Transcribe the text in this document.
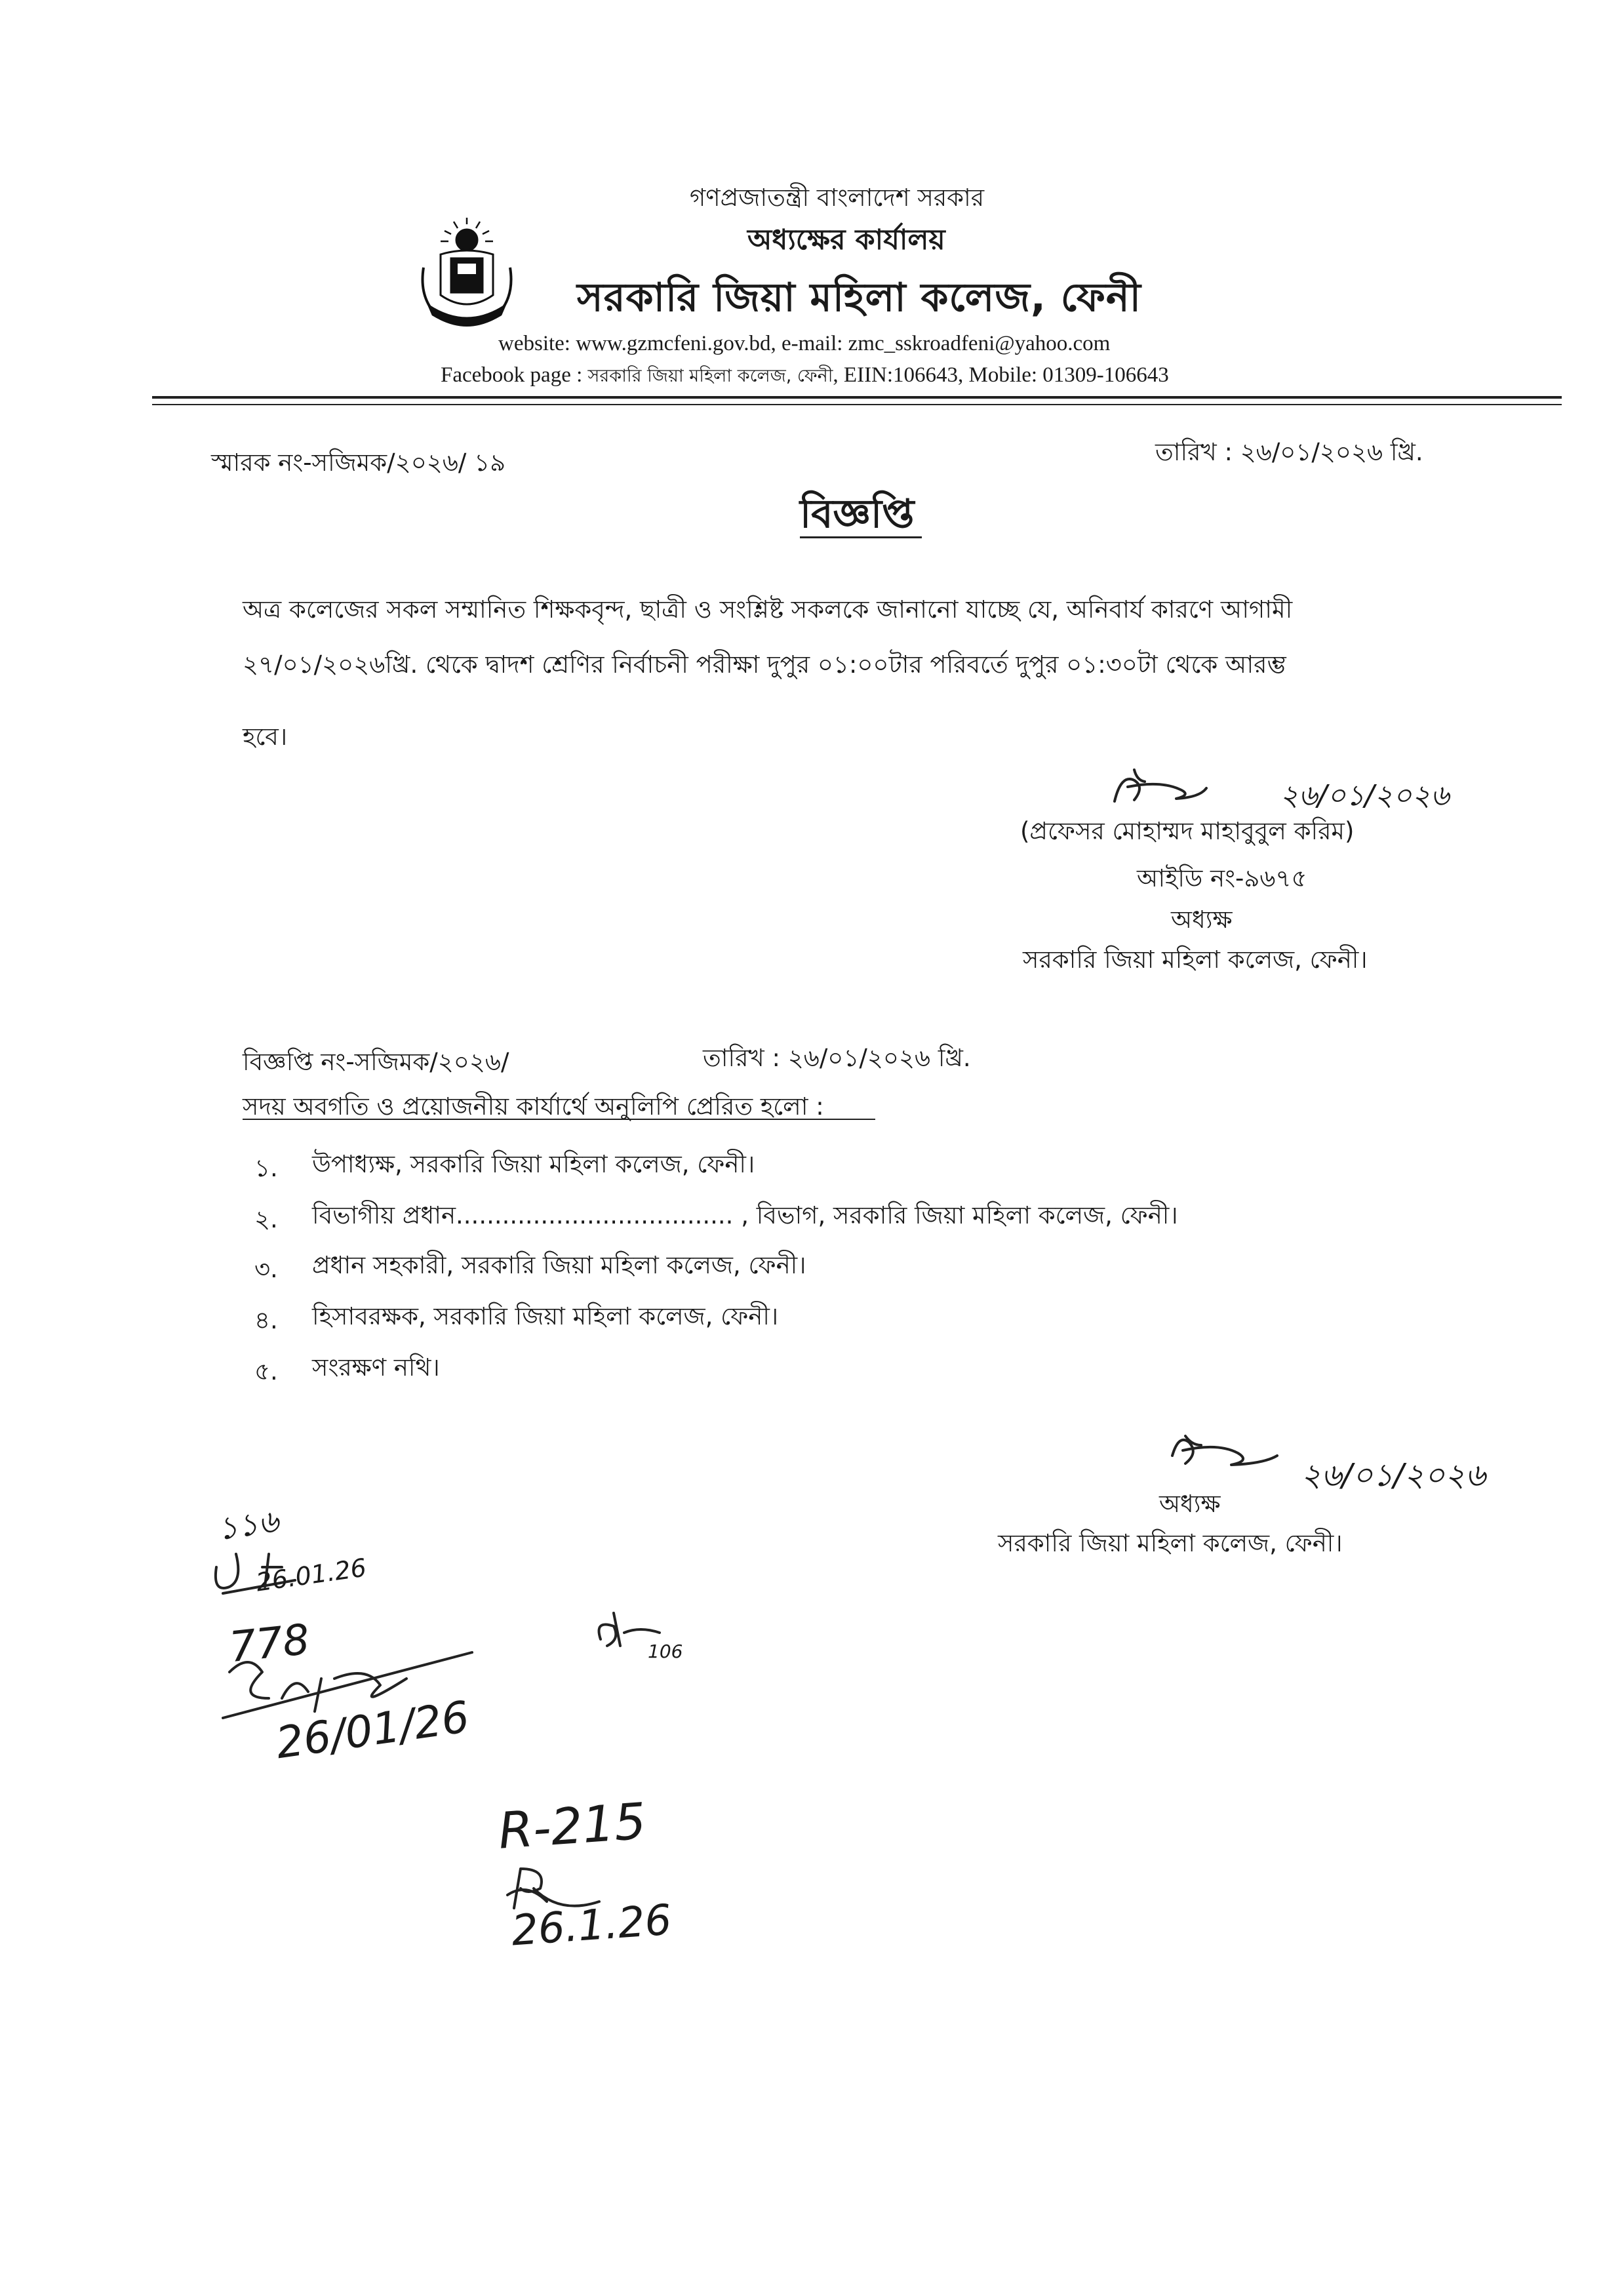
গণপ্রজাতন্ত্রী বাংলাদেশ সরকার
অধ্যক্ষের কার্যালয়
সরকারি জিয়া মহিলা কলেজ, ফেনী
website: www.gzmcfeni.gov.bd, e-mail: zmc_sskroadfeni@yahoo.com
Facebook page : সরকারি জিয়া মহিলা কলেজ, ফেনী, EIIN:106643, Mobile: 01309-106643
স্মারক নং-সজিমক/২০২৬/ ১৯	তারিখ : ২৬/০১/২০২৬ খ্রি.
বিজ্ঞপ্তি
অত্র কলেজের সকল সম্মানিত শিক্ষকবৃন্দ, ছাত্রী ও সংশ্লিষ্ট সকলকে জানানো যাচ্ছে যে, অনিবার্য কারণে আগামী
২৭/০১/২০২৬খ্রি. থেকে দ্বাদশ শ্রেণির নির্বাচনী পরীক্ষা দুপুর ০১:০০টার পরিবর্তে দুপুর ০১:৩০টা থেকে আরম্ভ
হবে।
২৬/০১/২০২৬
(প্রফেসর মোহাম্মদ মাহাবুবুল করিম)
আইডি নং-৯৬৭৫
অধ্যক্ষ
সরকারি জিয়া মহিলা কলেজ, ফেনী।
বিজ্ঞপ্তি নং-সজিমক/২০২৬/	তারিখ : ২৬/০১/২০২৬ খ্রি.
সদয় অবগতি ও প্রয়োজনীয় কার্যার্থে অনুলিপি প্রেরিত হলো :
১. উপাধ্যক্ষ, সরকারি জিয়া মহিলা কলেজ, ফেনী।
২. বিভাগীয় প্রধান.................................... , বিভাগ, সরকারি জিয়া মহিলা কলেজ, ফেনী।
৩. প্রধান সহকারী, সরকারি জিয়া মহিলা কলেজ, ফেনী।
৪. হিসাবরক্ষক, সরকারি জিয়া মহিলা কলেজ, ফেনী।
৫. সংরক্ষণ নথি।
২৬/০১/২০২৬
অধ্যক্ষ
সরকারি জিয়া মহিলা কলেজ, ফেনী।
১১৬
26.01.26
778
26/01/26
106
R-215
26.1.26
